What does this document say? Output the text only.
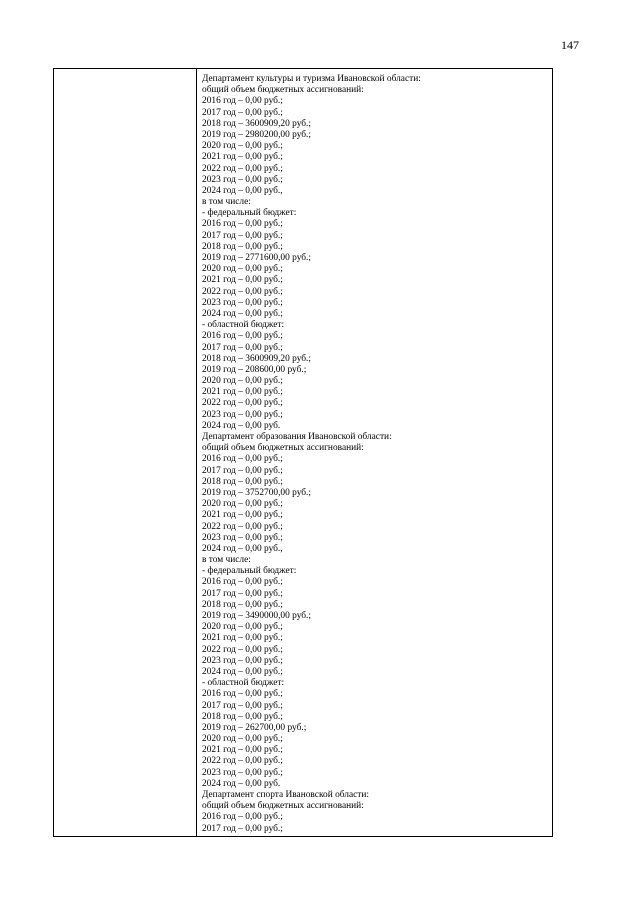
147
Департамент культуры и туризма Ивановской области:
общий объем бюджетных ассигнований:
2016 год – 0,00 руб.;
2017 год – 0,00 руб.;
2018 год – 3600909,20 руб.;
2019 год – 2980200,00 руб.;
2020 год – 0,00 руб.;
2021 год – 0,00 руб.;
2022 год – 0,00 руб.;
2023 год – 0,00 руб.;
2024 год – 0,00 руб.,
в том числе:
- федеральный бюджет:
2016 год – 0,00 руб.;
2017 год – 0,00 руб.;
2018 год – 0,00 руб.;
2019 год – 2771600,00 руб.;
2020 год – 0,00 руб.;
2021 год – 0,00 руб.;
2022 год – 0,00 руб.;
2023 год – 0,00 руб.;
2024 год – 0,00 руб.;
- областной бюджет:
2016 год – 0,00 руб.;
2017 год – 0,00 руб.;
2018 год – 3600909,20 руб.;
2019 год – 208600,00 руб.;
2020 год – 0,00 руб.;
2021 год – 0,00 руб.;
2022 год – 0,00 руб.;
2023 год – 0,00 руб.;
2024 год – 0,00 руб.
Департамент образования Ивановской области:
общий объем бюджетных ассигнований:
2016 год – 0,00 руб.;
2017 год – 0,00 руб.;
2018 год – 0,00 руб.;
2019 год – 3752700,00 руб.;
2020 год – 0,00 руб.;
2021 год – 0,00 руб.;
2022 год – 0,00 руб.;
2023 год – 0,00 руб.;
2024 год – 0,00 руб.,
в том числе:
- федеральный бюджет:
2016 год – 0,00 руб.;
2017 год – 0,00 руб.;
2018 год – 0,00 руб.;
2019 год – 3490000,00 руб.;
2020 год – 0,00 руб.;
2021 год – 0,00 руб.;
2022 год – 0,00 руб.;
2023 год – 0,00 руб.;
2024 год – 0,00 руб.;
- областной бюджет:
2016 год – 0,00 руб.;
2017 год – 0,00 руб.;
2018 год – 0,00 руб.;
2019 год – 262700,00 руб.;
2020 год – 0,00 руб.;
2021 год – 0,00 руб.;
2022 год – 0,00 руб.;
2023 год – 0,00 руб.;
2024 год – 0,00 руб.
Департамент спорта Ивановской области:
общий объем бюджетных ассигнований:
2016 год – 0,00 руб.;
2017 год – 0,00 руб.;
